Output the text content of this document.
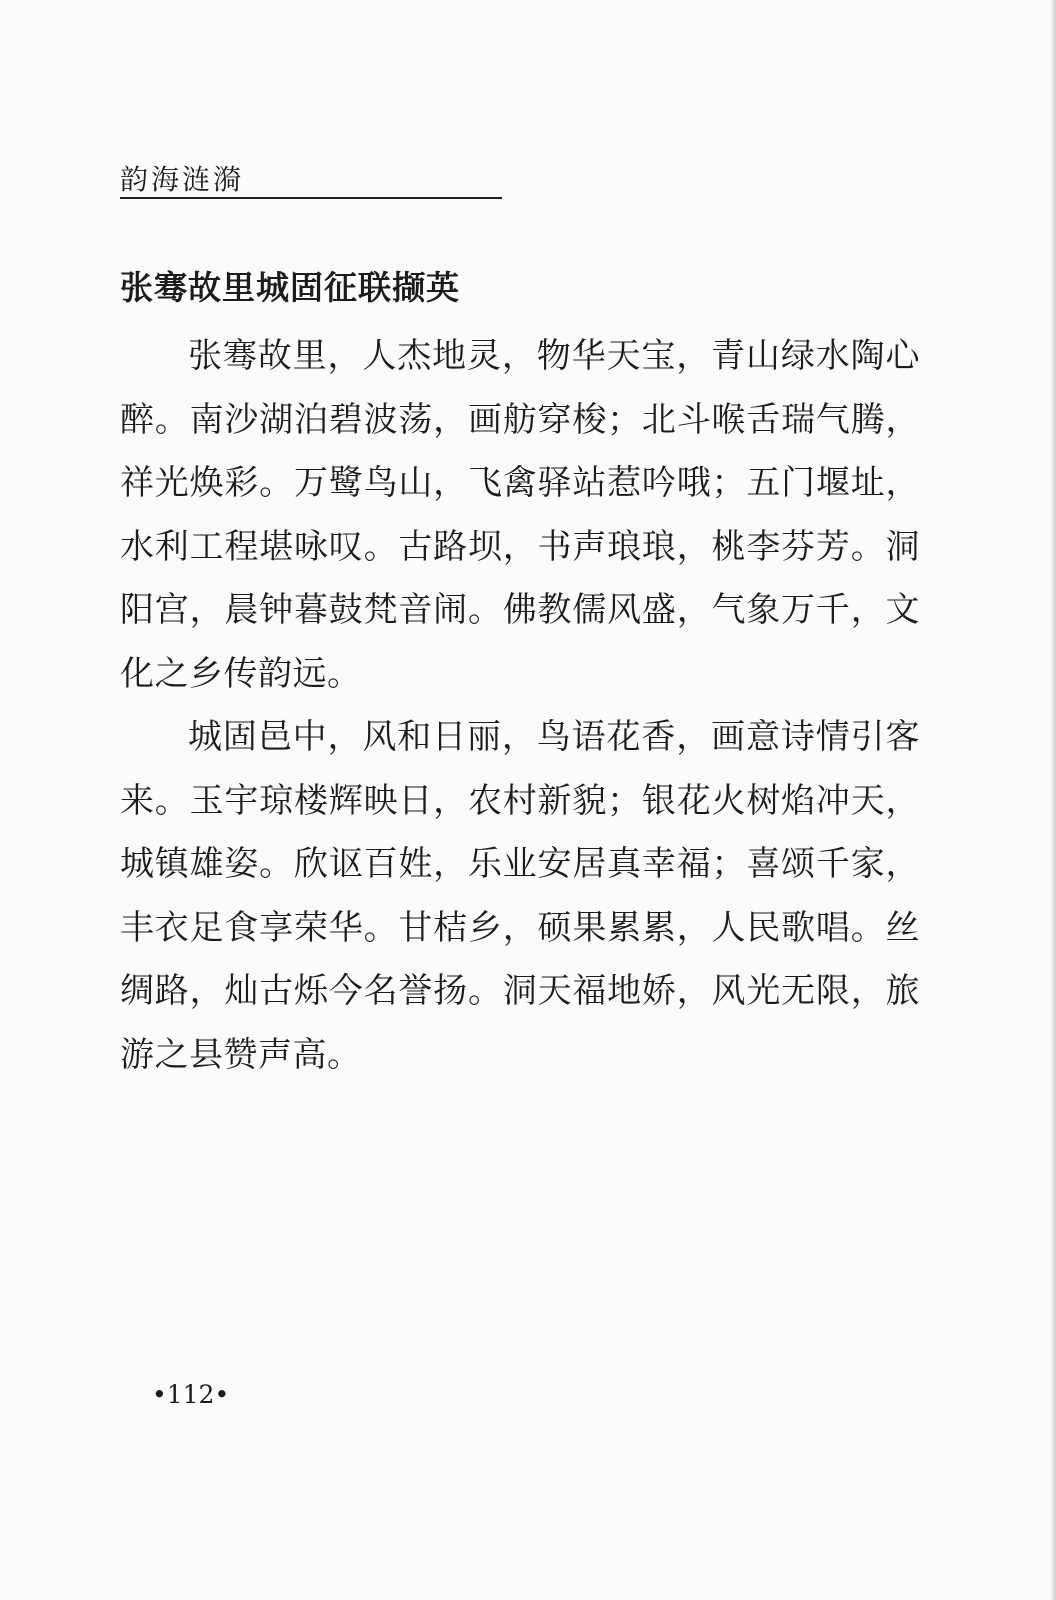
韵海涟漪
张骞故里城固征联撷英

张骞故里，人杰地灵，物华天宝，青山绿水陶心醉。南沙湖泊碧波荡，画舫穿梭；北斗喉舌瑞气腾，祥光焕彩。万鹭鸟山，飞禽驿站惹吟哦；五门堰址，水利工程堪咏叹。古路坝，书声琅琅，桃李芬芳。洞阳宫，晨钟暮鼓梵音闹。佛教儒风盛，气象万千，文化之乡传韵远。

城固邑中，风和日丽，鸟语花香，画意诗情引客来。玉宇琼楼辉映日，农村新貌；银花火树焰冲天，城镇雄姿。欣讴百姓，乐业安居真幸福；喜颂千家，丰衣足食享荣华。甘桔乡，硕果累累，人民歌唱。丝绸路，灿古烁今名誉扬。洞天福地娇，风光无限，旅游之县赞声高。

•112•
